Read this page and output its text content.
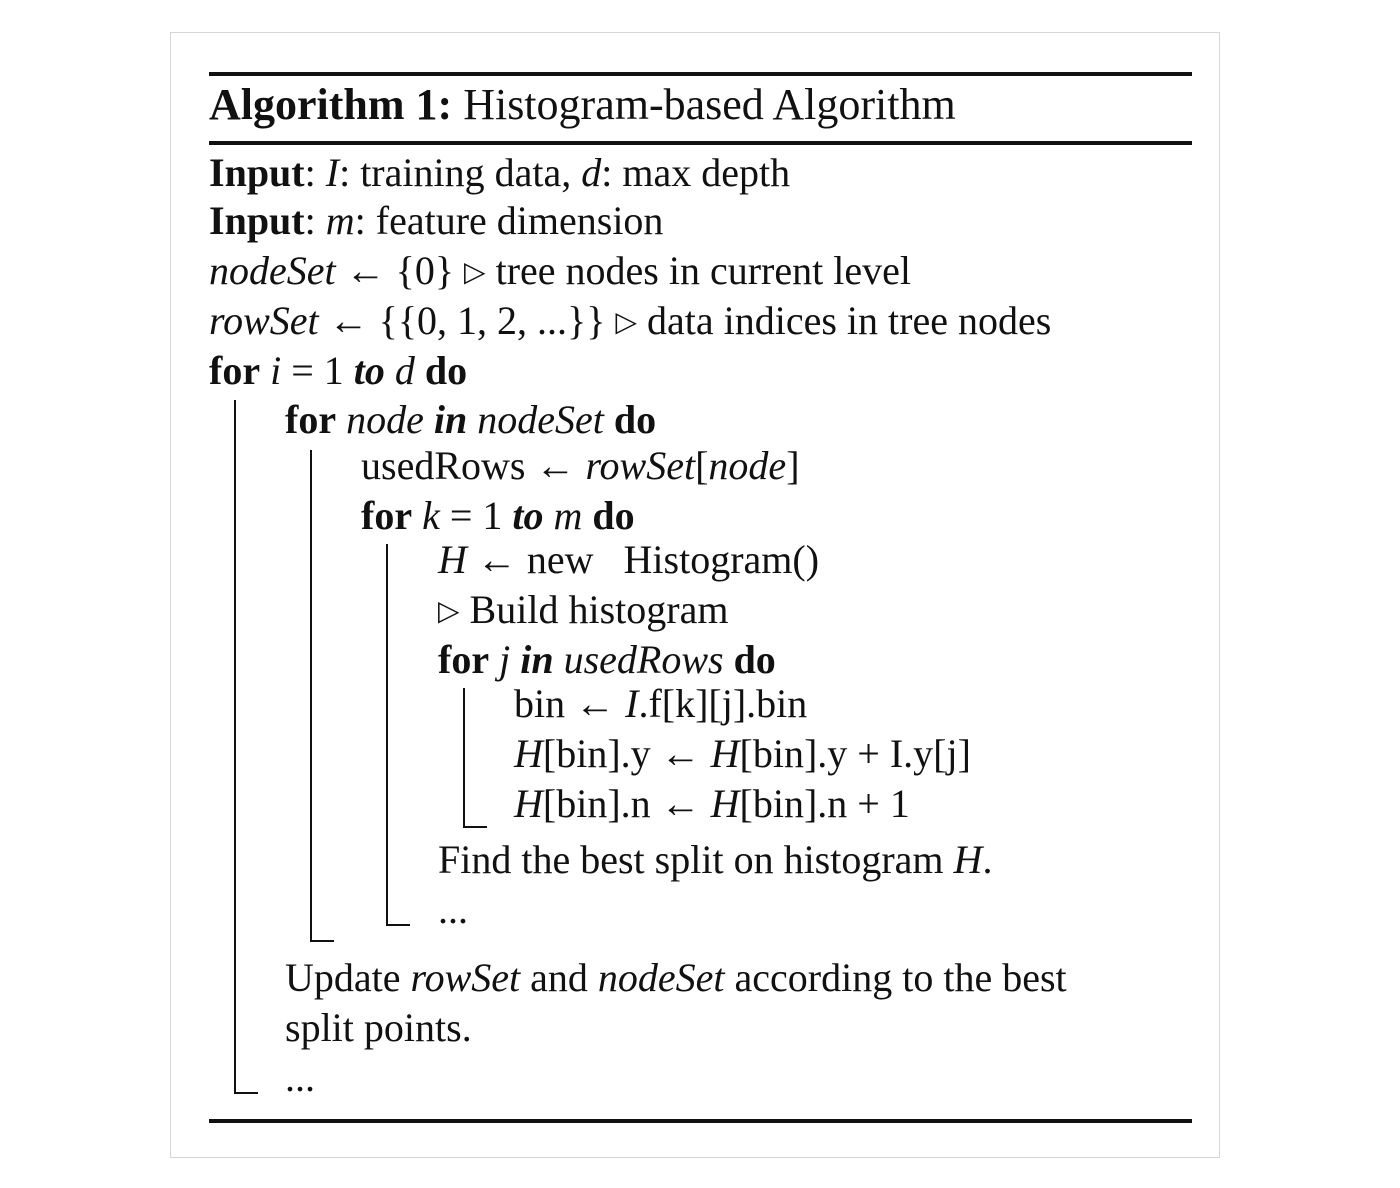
Algorithm 1: Histogram-based Algorithm
Input: I: training data, d: max depth
Input: m: feature dimension
nodeSet ← {0} ▷ tree nodes in current level
rowSet ← {{0, 1, 2, ...}} ▷ data indices in tree nodes
for i = 1 to d do
for node in nodeSet do
usedRows ← rowSet[node]
for k = 1 to m do
H ← new   Histogram()
▷ Build histogram
for j in usedRows do
bin ← I.f[k][j].bin
H[bin].y ← H[bin].y + I.y[j]
H[bin].n ← H[bin].n + 1
Find the best split on histogram H.
...
Update rowSet and nodeSet according to the best
split points.
...
